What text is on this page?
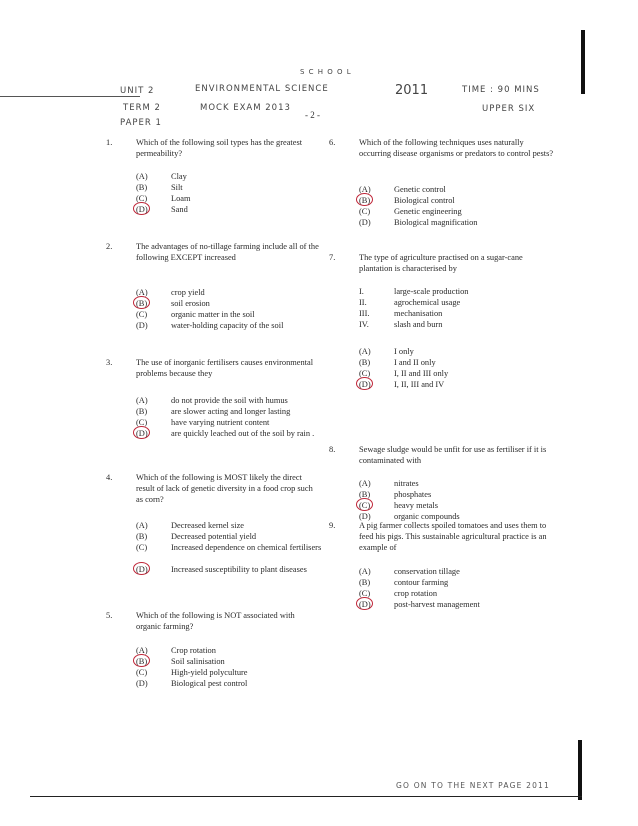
S C H O O L
UNIT 2	ENVIRONMENTAL SCIENCE	2011	TIME : 90 MINS
TERM 2	MOCK EXAM 2013	UPPER SIX
PAPER 1
- 2 -
1.	Which of the following soil types has the greatest permeability?
(A)	Clay
(B)	Silt
(C)	Loam
(D)	Sand
2.	The advantages of no-tillage farming include all of the following EXCEPT increased
(A)	crop yield
(B)	soil erosion
(C)	organic matter in the soil
(D)	water-holding capacity of the soil
3.	The use of inorganic fertilisers causes environmental problems because they
(A)	do not provide the soil with humus
(B)	are slower acting and longer lasting
(C)	have varying nutrient content
(D)	are quickly leached out of the soil by rain .
4.	Which of the following is MOST likely the direct result of lack of genetic diversity in a food crop such as corn?
(A)	Decreased kernel size
(B)	Decreased potential yield
(C)	Increased dependence on chemical fertilisers
(D)	Increased susceptibility to plant diseases
5.	Which of the following is NOT associated with organic farming?
(A)	Crop rotation
(B)	Soil salinisation
(C)	High-yield polyculture
(D)	Biological pest control
6.	Which of the following techniques uses naturally occurring disease organisms or predators to control pests?
(A)	Genetic control
(B)	Biological control
(C)	Genetic engineering
(D)	Biological magnification
7.	The type of agriculture practised on a sugar-cane plantation is characterised by
I.	large-scale production
II.	agrochemical usage
III.	mechanisation
IV.	slash and burn
(A)	I only
(B)	I and II only
(C)	I, II and III only
(D)	I, II, III and IV
8.	Sewage sludge would be unfit for use as fertiliser if it is contaminated with
(A)	nitrates
(B)	phosphates
(C)	heavy metals
(D)	organic compounds
9.	A pig farmer collects spoiled tomatoes and uses them to feed his pigs. This sustainable agricultural practice is an example of
(A)	conservation tillage
(B)	contour farming
(C)	crop rotation
(D)	post-harvest management
GO ON TO THE NEXT PAGE 2011
